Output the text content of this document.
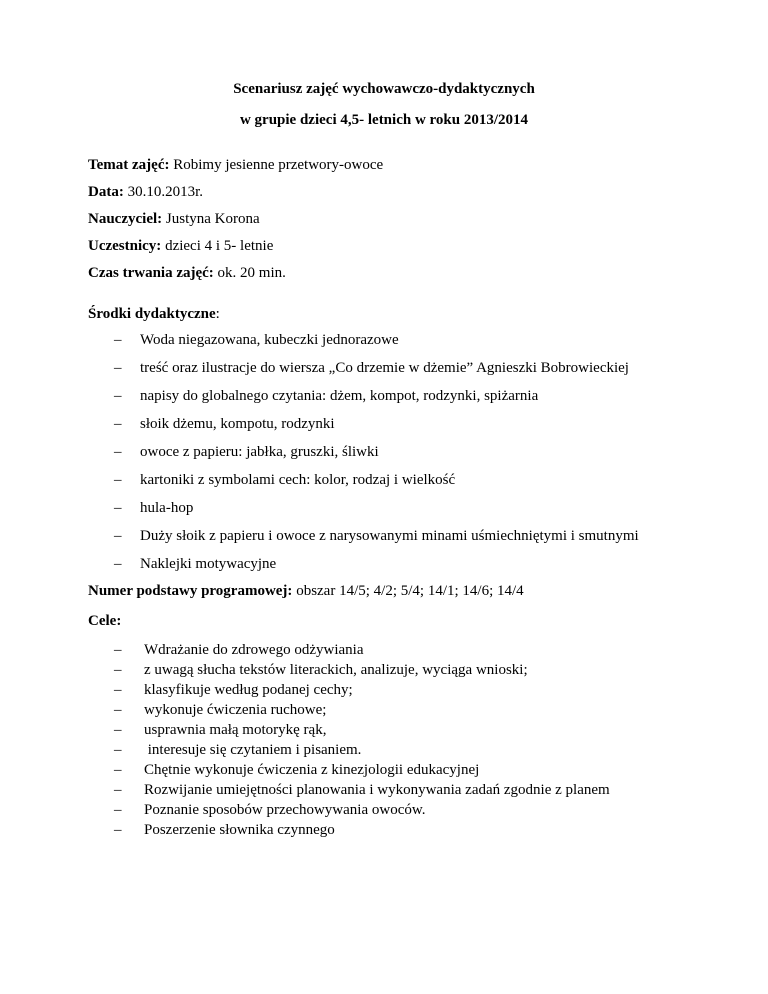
Scenariusz zajęć wychowawczo-dydaktycznych
w grupie dzieci 4,5- letnich w roku 2013/2014
Temat zajęć: Robimy jesienne przetwory-owoce
Data: 30.10.2013r.
Nauczyciel: Justyna Korona
Uczestnicy: dzieci 4 i 5- letnie
Czas trwania zajęć: ok. 20 min.
Środki dydaktyczne:
– Woda niegazowana, kubeczki jednorazowe
– treść oraz ilustracje do wiersza „Co drzemie w dżemie” Agnieszki Bobrowieckiej
– napisy do globalnego czytania: dżem, kompot, rodzynki, spiżarnia
– słoik dżemu, kompotu, rodzynki
– owoce z papieru: jabłka, gruszki, śliwki
– kartoniki z symbolami cech: kolor, rodzaj i wielkość
– hula-hop
– Duży słoik z papieru i owoce z narysowanymi minami uśmiechniętymi i smutnymi
– Naklejki motywacyjne
Numer podstawy programowej: obszar 14/5; 4/2; 5/4; 14/1; 14/6; 14/4
Cele:
– Wdrażanie do zdrowego odżywiania
– z uwagą słucha tekstów literackich, analizuje, wyciąga wnioski;
– klasyfikuje według podanej cechy;
– wykonuje ćwiczenia ruchowe;
– usprawnia małą motorykę rąk,
– interesuje się czytaniem i pisaniem.
– Chętnie wykonuje ćwiczenia z kinezjologii edukacyjnej
– Rozwijanie umiejętności planowania i wykonywania zadań zgodnie z planem
– Poznanie sposobów przechowywania owoców.
– Poszerzenie słownika czynnego
